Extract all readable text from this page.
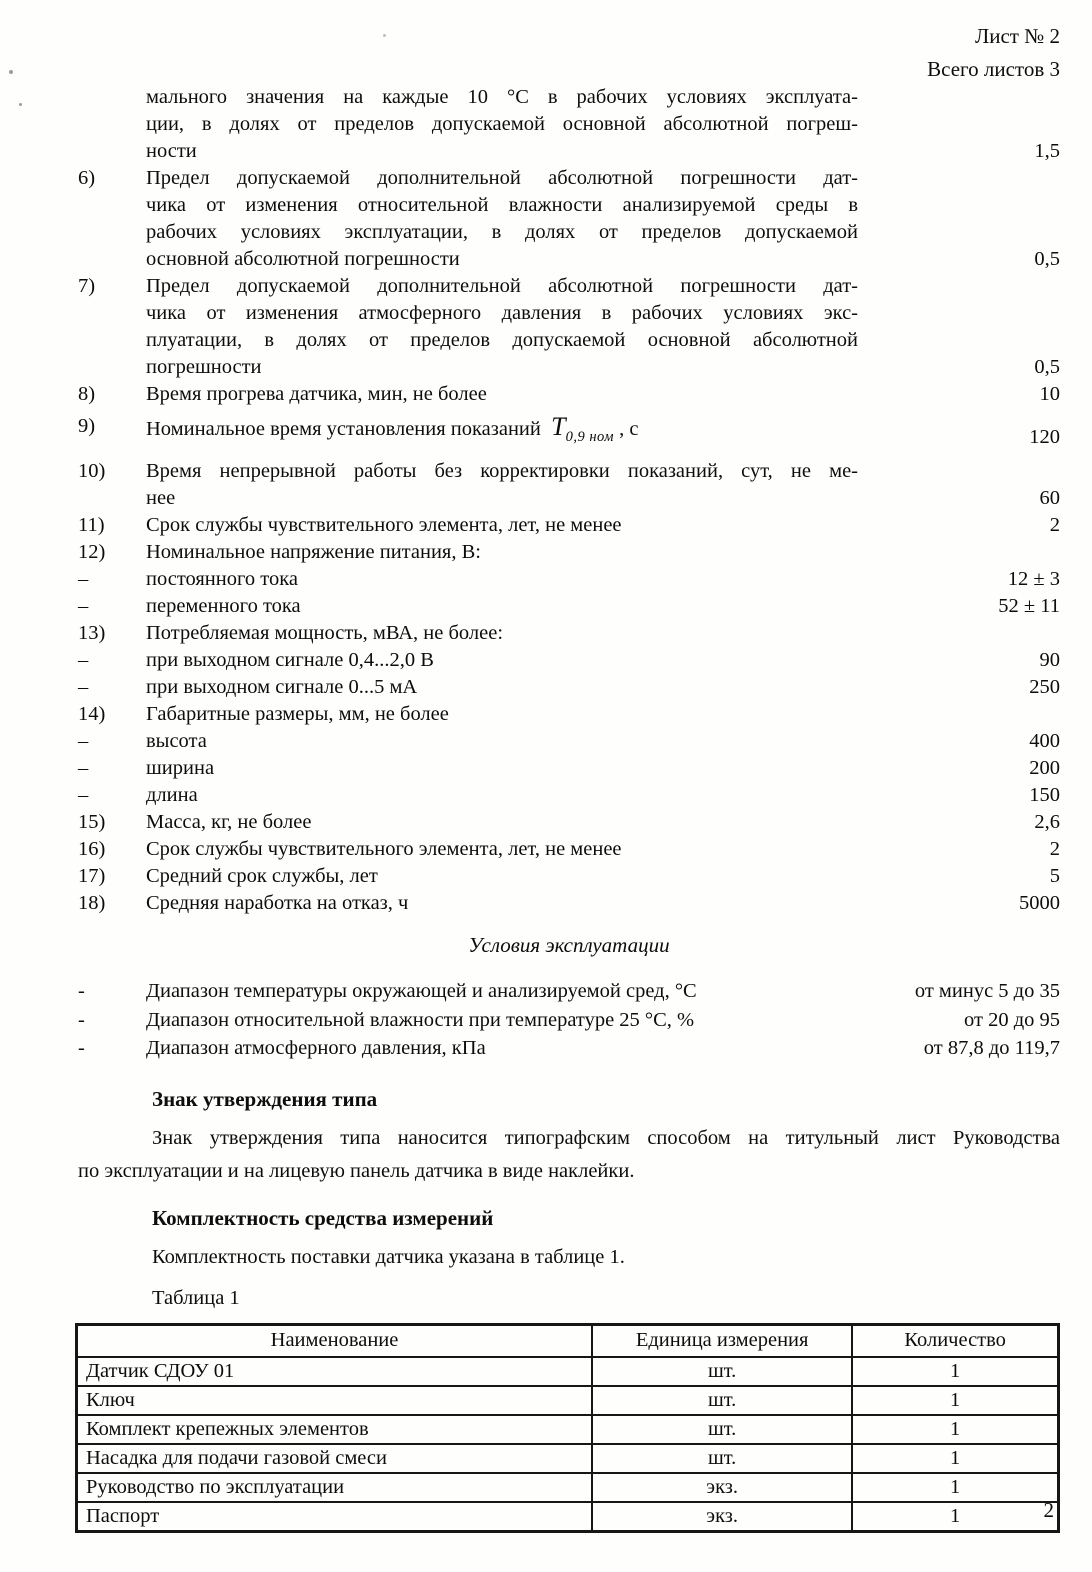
Лист № 2
Всего листов 3
мального значения на каждые 10 °С в рабочих условиях эксплуата-
ции, в долях от пределов допускаемой основной абсолютной погреш-
ности	1,5
6)	Предел допускаемой дополнительной абсолютной погрешности дат-
чика от изменения относительной влажности анализируемой среды в
рабочих условиях эксплуатации, в долях от пределов допускаемой
основной абсолютной погрешности	0,5
7)	Предел допускаемой дополнительной абсолютной погрешности дат-
чика от изменения атмосферного давления в рабочих условиях экс-
плуатации, в долях от пределов допускаемой основной абсолютной
погрешности	0,5
8)	Время прогрева датчика, мин, не более	10
9)	Номинальное время установления показаний $T_{0,9 ном}$ , с	120
10)	Время непрерывной работы без корректировки показаний, сут, не ме-
нее	60
11)	Срок службы чувствительного элемента, лет, не менее	2
12)	Номинальное напряжение питания, В:
–	постоянного тока	12 ± 3
–	переменного тока	52 ± 11
13)	Потребляемая мощность, мВА, не более:
–	при выходном сигнале 0,4...2,0 В	90
–	при выходном сигнале 0...5 мА	250
14)	Габаритные размеры, мм, не более
–	высота	400
–	ширина	200
–	длина	150
15)	Масса, кг, не более	2,6
16)	Срок службы чувствительного элемента, лет, не менее	2
17)	Средний срок службы, лет	5
18)	Средняя наработка на отказ, ч	5000
Условия эксплуатации
-	Диапазон температуры окружающей и анализируемой сред, °С	от минус 5 до 35
-	Диапазон относительной влажности при температуре 25 °С, %	от 20 до 95
-	Диапазон атмосферного давления, кПа	от 87,8 до 119,7
Знак утверждения типа
Знак утверждения типа наносится типографским способом на титульный лист Руководства
по эксплуатации и на лицевую панель датчика в виде наклейки.
Комплектность средства измерений
Комплектность поставки датчика указана в таблице 1.
Таблица 1
Наименование	Единица измерения	Количество
Датчик СДОУ 01	шт.	1
Ключ	шт.	1
Комплект крепежных элементов	шт.	1
Насадка для подачи газовой смеси	шт.	1
Руководство по эксплуатации	экз.	1
Паспорт	экз.	1	2
